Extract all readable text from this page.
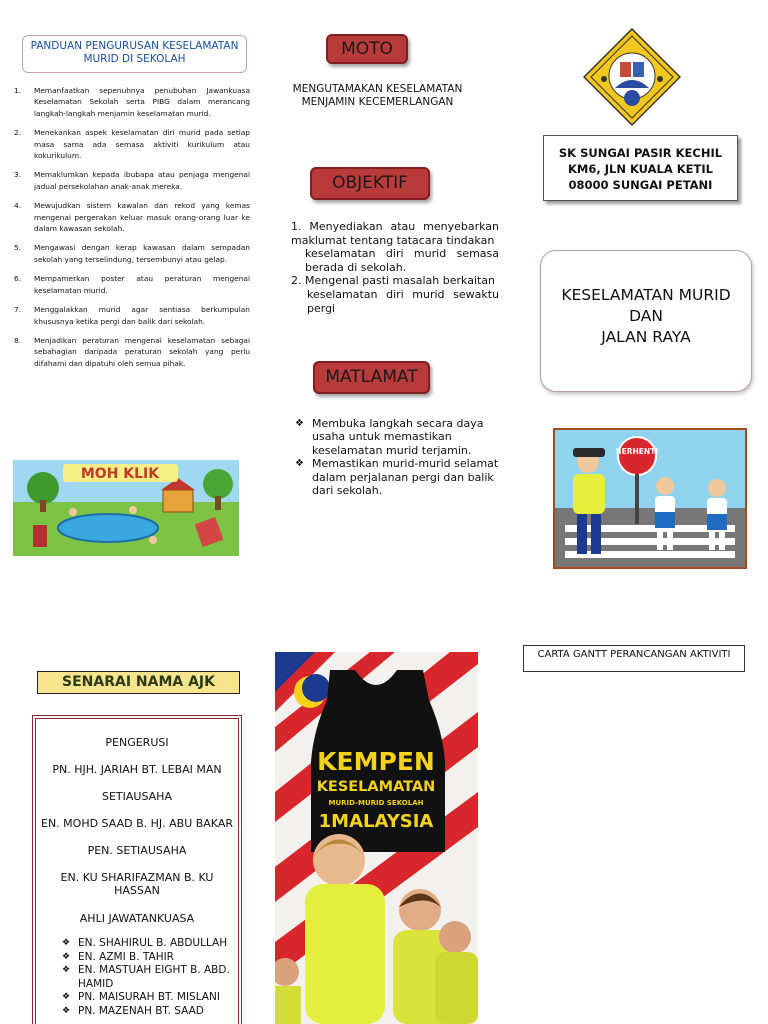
PANDUAN PENGURUSAN KESELAMATAN MURID DI SEKOLAH
1. Memanfaatkan sepenuhnya penubuhan Jawankuasa Keselamatan Sekolah serta PIBG dalam merancang langkah-langkah menjamin keselamatan murid.
2. Menekankan aspek keselamatan diri murid pada setiap masa sama ada semasa aktiviti kurikulum atau kokurikulum.
3. Memaklumkan kepada ibubapa atau penjaga mengenai jadual persekolahan anak-anak mereka.
4. Mewujudkan sistem kawalan dan rekod yang kemas mengenai pergerakan keluar masuk orang-orang luar ke dalam kawasan sekolah.
5. Mengawasi dengan kerap kawasan dalam sempadan sekolah yang terselindung, tersembunyi atau gelap.
6. Mempamerkan poster atau peraturan mengenai keselamatan murid.
7. Menggalakkan murid agar sentiasa berkumpulan khususnya ketika pergi dan balik dari sekolah.
8. Menjadikan peraturan mengenai keselamatan sebagai sebahagian daripada peraturan sekolah yang perlu difahami dan dipatuhi oleh semua pihak.
MOH KLIK
MOTO
MENGUTAMAKAN KESELAMATAN
MENJAMIN KECEMERLANGAN
OBJEKTIF

1. Menyediakan atau menyebarkan maklumat tentang tatacara tindakan

keselamatan diri murid semasa berada di sekolah.

2. Mengenal pasti masalah berkaitan

keselamatan diri murid sewaktu pergi

MATLAMAT
❖ Membuka langkah secara daya usaha untuk memastikan keselamatan murid terjamin.
❖ Memastikan murid-murid selamat dalam perjalanan pergi dan balik dari sekolah.
KEMPEN
KESELAMATAN
MURID-MURID SEKOLAH
1MALAYSIA
SK SUNGAI PASIR KECHIL
KM6, JLN KUALA KETIL
08000 SUNGAI PETANI
KESELAMATAN MURID
DAN
JALAN RAYA
BERHENTI
CARTA GANTT PERANCANGAN AKTIVITI
SENARAI NAMA AJK
PENGERUSI
PN. HJH. JARIAH BT. LEBAI MAN
SETIAUSAHA
EN. MOHD SAAD B. HJ. ABU BAKAR
PEN. SETIAUSAHA
EN. KU SHARIFAZMAN B. KU HASSAN
AHLI JAWATANKUASA
❖ EN. SHAHIRUL B. ABDULLAH
❖ EN. AZMI B. TAHIR
❖ EN. MASTUAH EIGHT B. ABD. HAMID
❖ PN. MAISURAH BT. MISLANI
❖ PN. MAZENAH BT. SAAD
